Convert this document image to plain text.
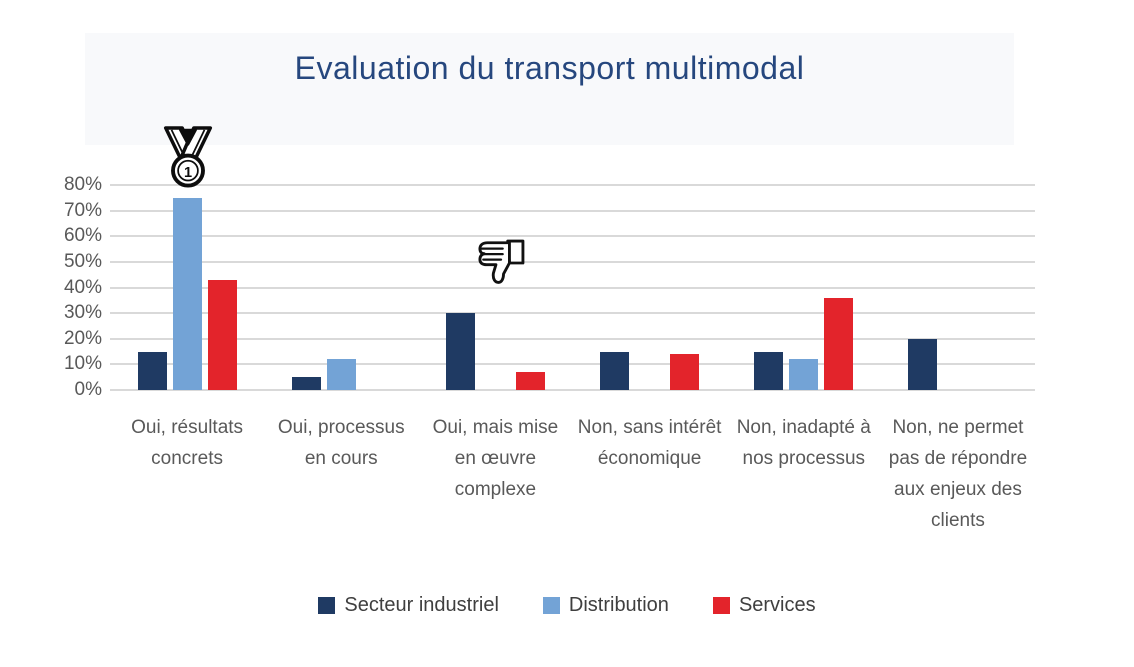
Evaluation du transport multimodal
0%
10%
20%
30%
40%
50%
60%
70%
80%
Oui, résultats concrets
Oui, processus en cours
Oui, mais mise en œuvre complexe
Non, sans intérêt économique
Non, inadapté à nos processus
Non, ne permet pas de répondre aux enjeux des clients
Secteur industriel	Distribution	Services
1
